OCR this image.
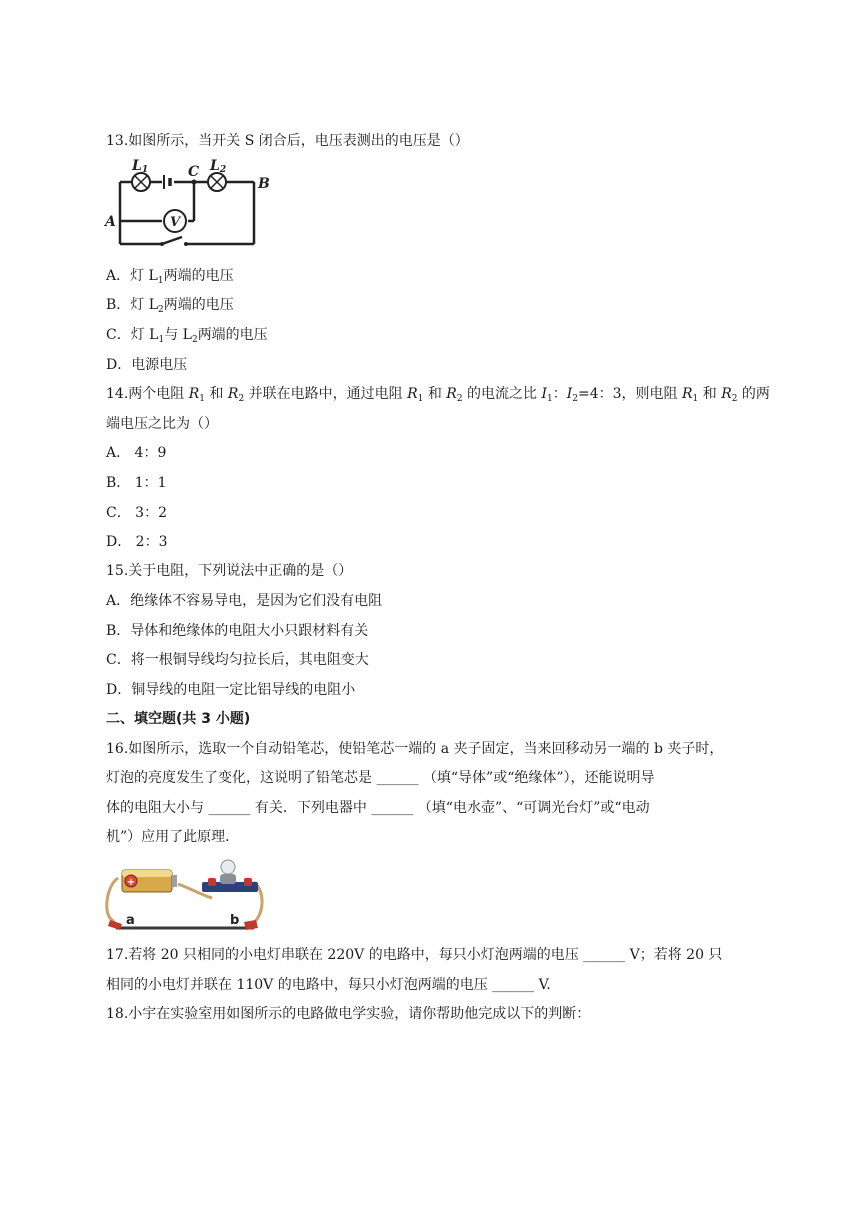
13.如图所示，当开关 S 闭合后，电压表测出的电压是（）
V
L1	L2
C
B
A
A．灯 $L_1$两端的电压
B．灯 $L_2$两端的电压
C．灯 $L_1$与 $L_2$两端的电压
D．电源电压
14.两个电阻 $R_1$ 和 $R_2$ 并联在电路中，通过电阻 $R_1$ 和 $R_2$ 的电流之比 $I_1$：$I_2=4$：3，则电阻 $R_1$ 和 $R_2$ 的两
端电压之比为（）
A． 4：9
B． 1：1
C． 3：2
D． 2：3
15.关于电阻，下列说法中正确的是（）
A．绝缘体不容易导电，是因为它们没有电阻
B．导体和绝缘体的电阻大小只跟材料有关
C．将一根铜导线均匀拉长后，其电阻变大
D．铜导线的电阻一定比铝导线的电阻小
二、填空题(共 3 小题)
16.如图所示，选取一个自动铅笔芯，使铅笔芯一端的 a 夹子固定，当来回移动另一端的 b 夹子时，
灯泡的亮度发生了变化，这说明了铅笔芯是 ______ （填“导体”或“绝缘体”），还能说明导
体的电阻大小与 ______ 有关．下列电器中 ______ （填“电水壶”、“可调光台灯”或“电动
机”）应用了此原理．
+
a	b
17.若将 20 只相同的小电灯串联在 220V 的电路中，每只小灯泡两端的电压 ______ V；若将 20 只
相同的小电灯并联在 110V 的电路中，每只小灯泡两端的电压 ______ V.
18.小宇在实验室用如图所示的电路做电学实验，请你帮助他完成以下的判断：
